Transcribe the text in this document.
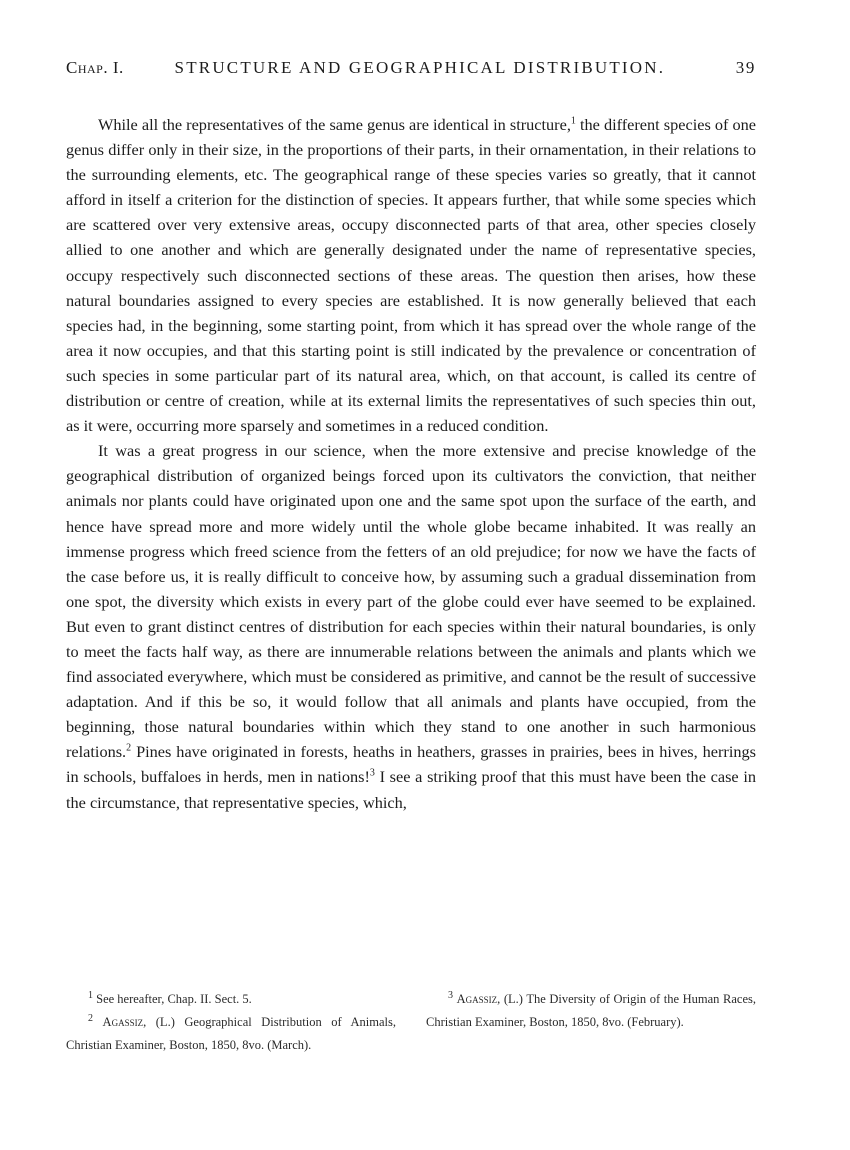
Chap. I.	STRUCTURE AND GEOGRAPHICAL DISTRIBUTION.	39

While all the representatives of the same genus are identical in structure,$^1$ the different species of one genus differ only in their size, in the proportions of their parts, in their ornamentation, in their relations to the surrounding elements, etc. The geographical range of these species varies so greatly, that it cannot afford in itself a criterion for the distinction of species. It appears further, that while some species which are scattered over very extensive areas, occupy disconnected parts of that area, other species closely allied to one another and which are generally designated under the name of representative species, occupy respectively such disconnected sections of these areas. The question then arises, how these natural boundaries assigned to every species are established. It is now generally believed that each species had, in the beginning, some starting point, from which it has spread over the whole range of the area it now occupies, and that this starting point is still indicated by the prevalence or concentration of such species in some particular part of its natural area, which, on that account, is called its centre of distribution or centre of creation, while at its external limits the representatives of such species thin out, as it were, occurring more sparsely and sometimes in a reduced condition.

It was a great progress in our science, when the more extensive and precise knowledge of the geographical distribution of organized beings forced upon its cultivators the conviction, that neither animals nor plants could have originated upon one and the same spot upon the surface of the earth, and hence have spread more and more widely until the whole globe became inhabited. It was really an immense progress which freed science from the fetters of an old prejudice; for now we have the facts of the case before us, it is really difficult to conceive how, by assuming such a gradual dissemination from one spot, the diversity which exists in every part of the globe could ever have seemed to be explained. But even to grant distinct centres of distribution for each species within their natural boundaries, is only to meet the facts half way, as there are innumerable relations between the animals and plants which we find associated everywhere, which must be considered as primitive, and cannot be the result of successive adaptation. And if this be so, it would follow that all animals and plants have occupied, from the beginning, those natural boundaries within which they stand to one another in such harmonious relations.$^2$ Pines have originated in forests, heaths in heathers, grasses in prairies, bees in hives, herrings in schools, buffaloes in herds, men in nations!$^3$ I see a striking proof that this must have been the case in the circumstance, that representative species, which,

$^1$ See hereafter, Chap. II. Sect. 5.

$^2$ Agassiz, (L.) Geographical Distribution of Animals, Christian Examiner, Boston, 1850, 8vo. (March).

$^3$ Agassiz, (L.) The Diversity of Origin of the Human Races, Christian Examiner, Boston, 1850, 8vo. (February).
